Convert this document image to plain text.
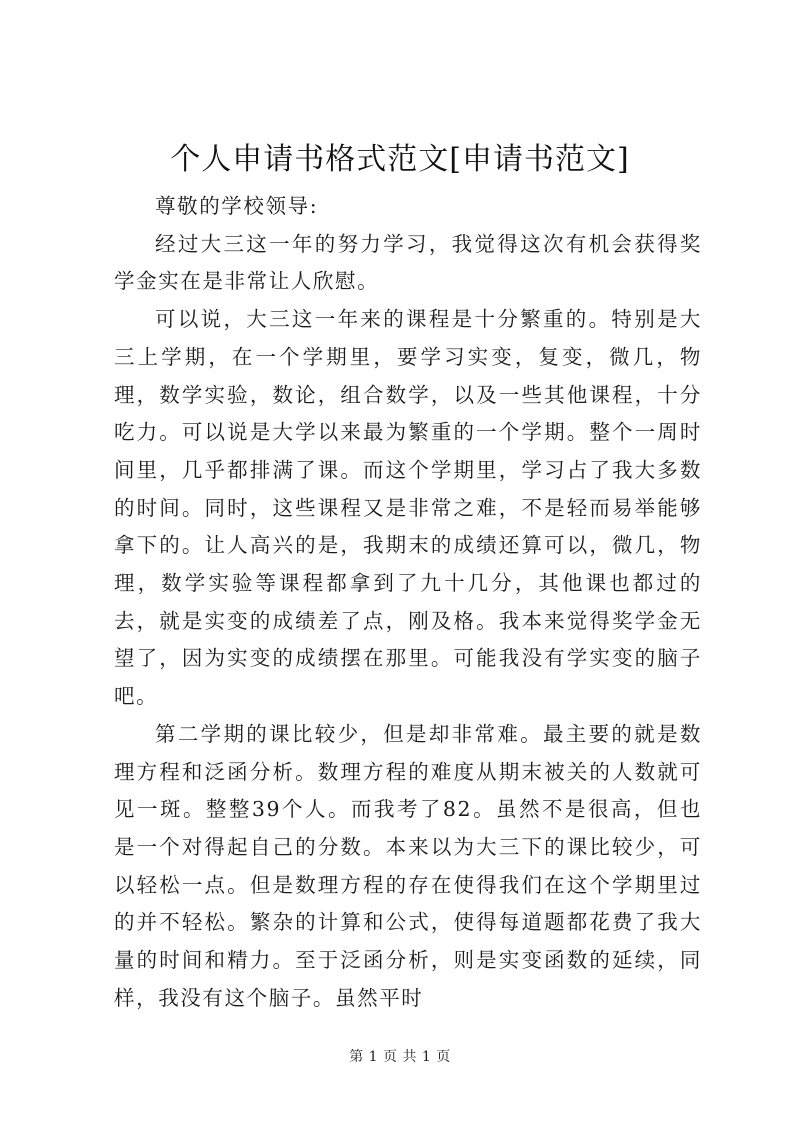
个人申请书格式范文[申请书范文]

尊敬的学校领导:

经过大三这一年的努力学习，我觉得这次有机会获得奖学金实在是非常让人欣慰。

可以说，大三这一年来的课程是十分繁重的。特别是大三上学期，在一个学期里，要学习实变，复变，微几，物理，数学实验，数论，组合数学，以及一些其他课程，十分吃力。可以说是大学以来最为繁重的一个学期。整个一周时间里，几乎都排满了课。而这个学期里，学习占了我大多数的时间。同时，这些课程又是非常之难，不是轻而易举能够拿下的。让人高兴的是，我期末的成绩还算可以，微几，物理，数学实验等课程都拿到了九十几分，其他课也都过的去，就是实变的成绩差了点，刚及格。我本来觉得奖学金无望了，因为实变的成绩摆在那里。可能我没有学实变的脑子吧。

第二学期的课比较少，但是却非常难。最主要的就是数理方程和泛函分析。数理方程的难度从期末被关的人数就可见一斑。整整39个人。而我考了82。虽然不是很高，但也是一个对得起自己的分数。本来以为大三下的课比较少，可以轻松一点。但是数理方程的存在使得我们在这个学期里过的并不轻松。繁杂的计算和公式，使得每道题都花费了我大量的时间和精力。至于泛函分析，则是实变函数的延续，同样，我没有这个脑子。虽然平时

第 1 页 共 1 页
